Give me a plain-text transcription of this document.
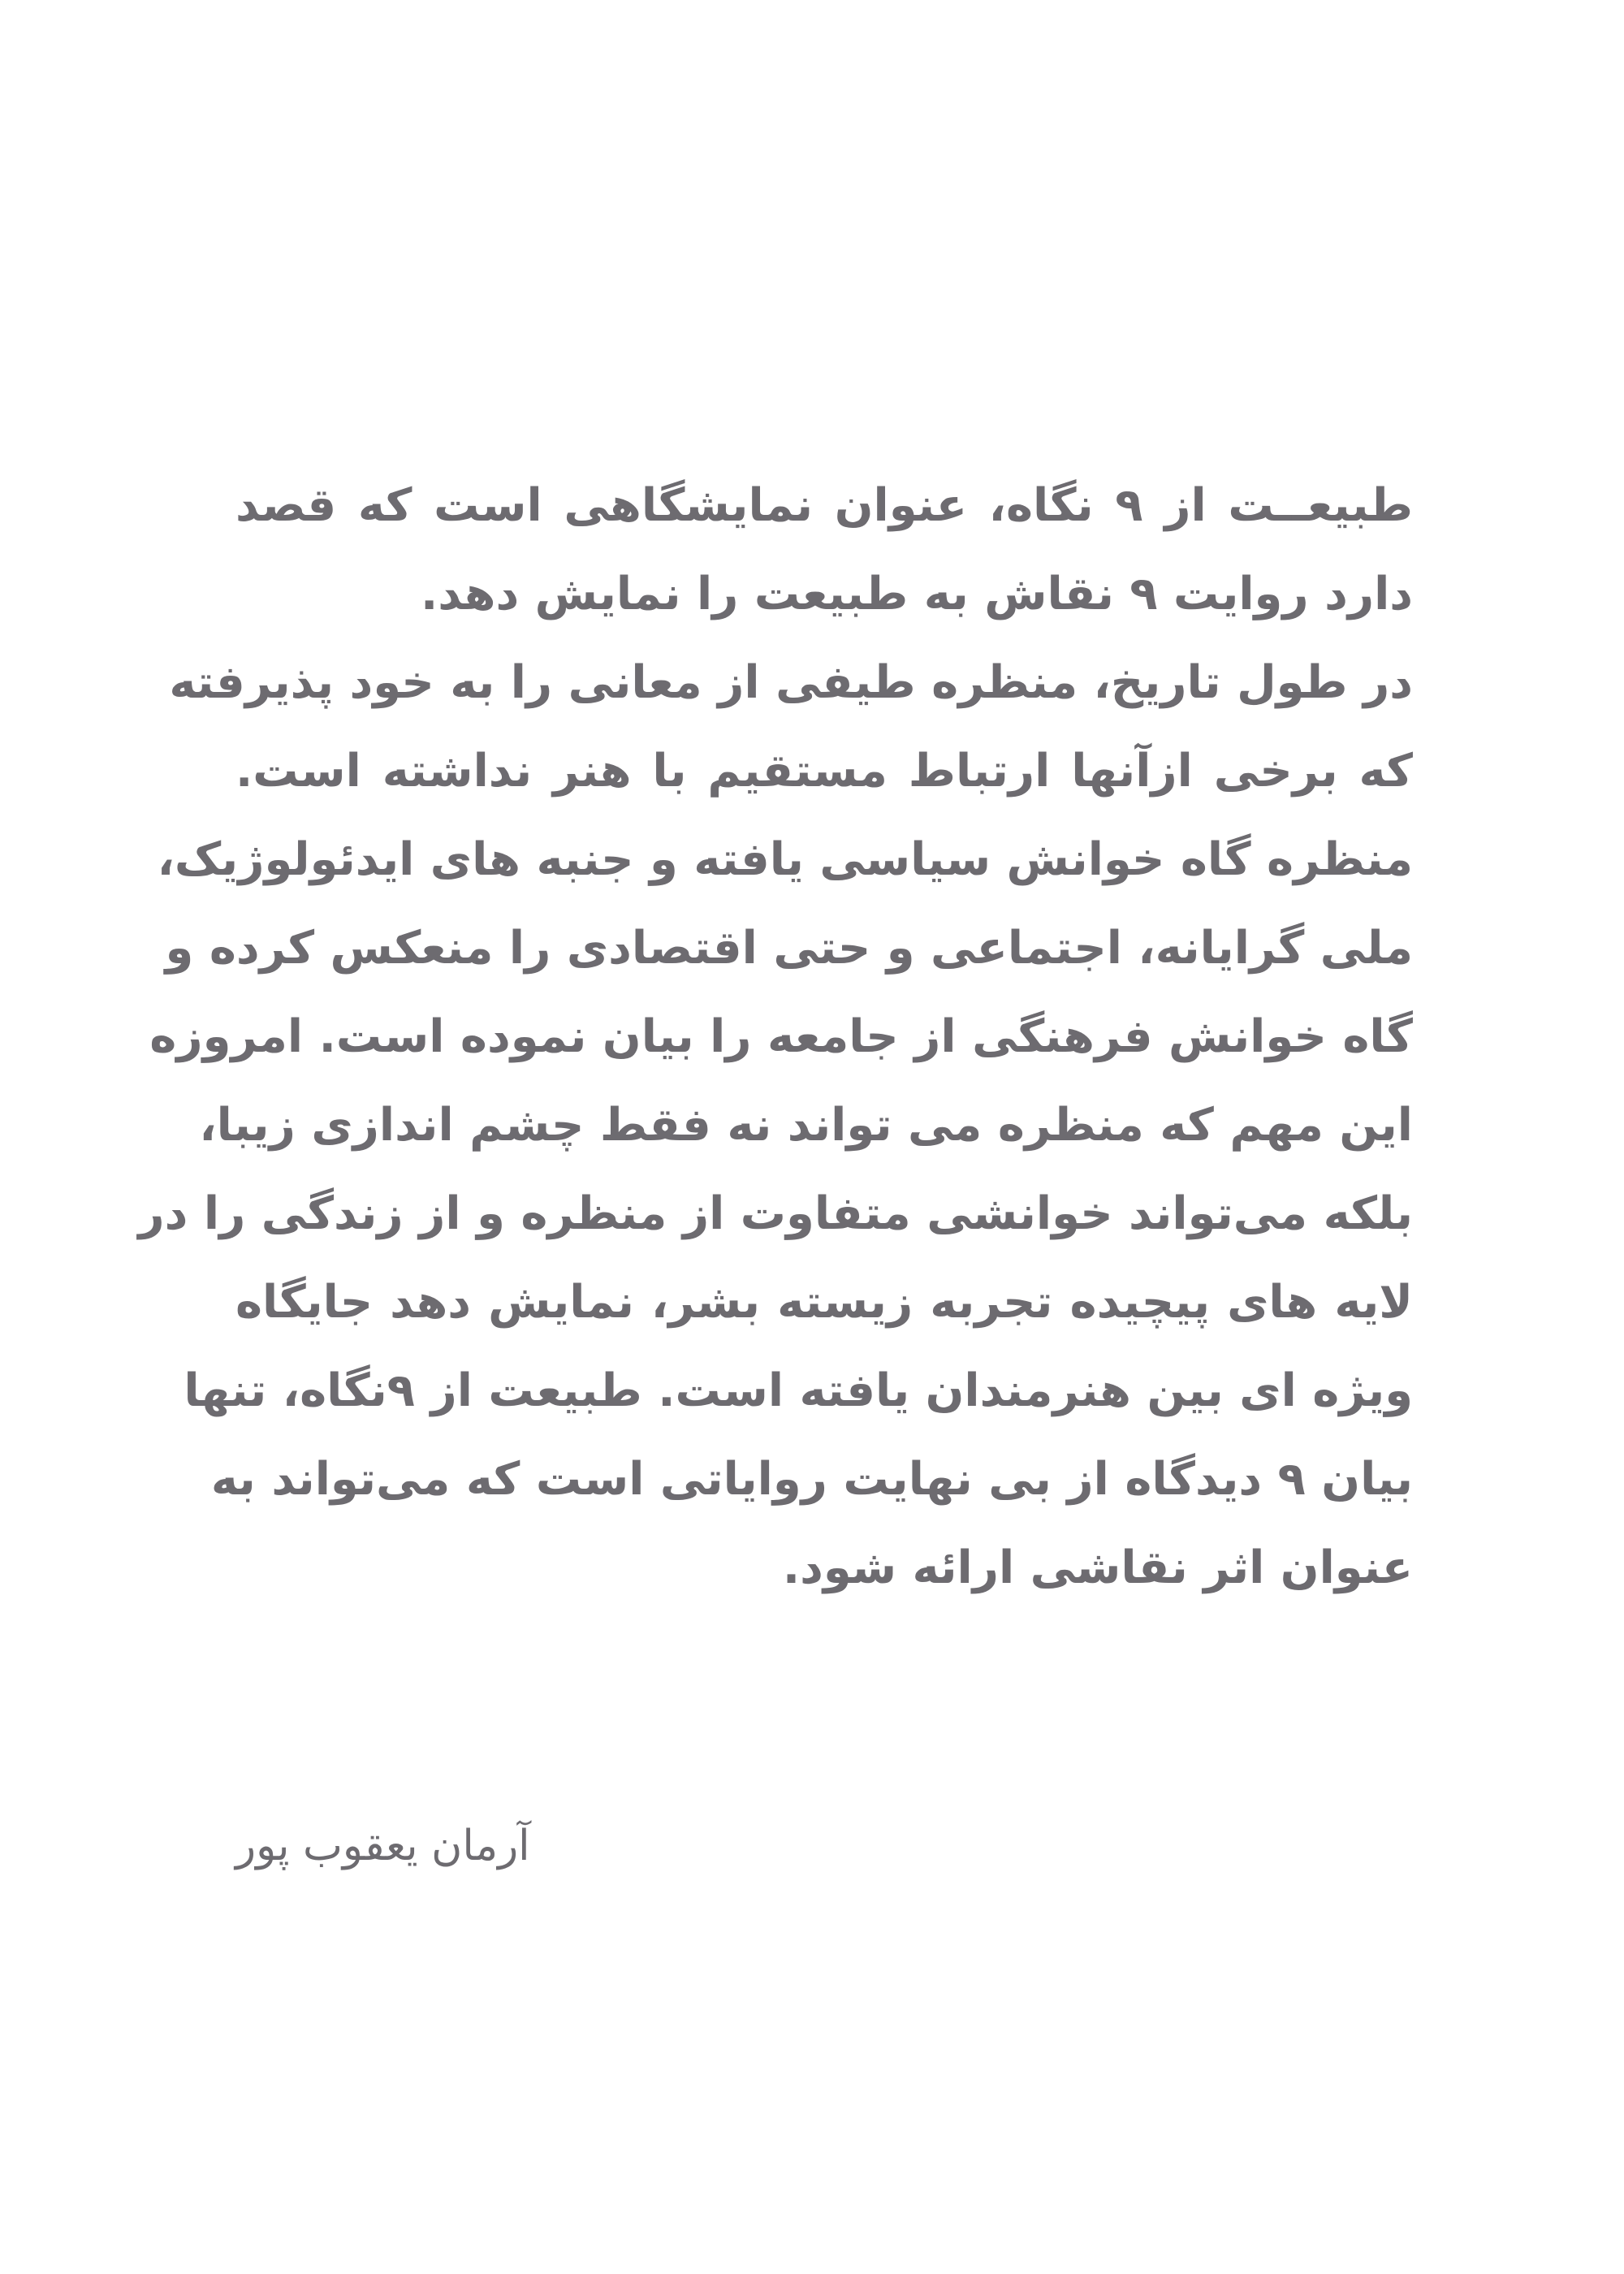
طبیعــت از ۹ نگاه، عنوان نمایشگاهی است که قصد
دارد روایت ۹ نقاش به طبیعت را نمایش دهد.
در طول تاریخ، منظره طیفی از معانی را به خود پذیرفته
که برخی ازآنها ارتباط مستقیم با هنر نداشته است.
منظره گاه خوانش سیاسی یافته و جنبه های ایدئولوژیک،
ملی گرایانه، اجتماعی و حتی اقتصادی را منعکس کرده و
گاه خوانش فرهنگی از جامعه را بیان نموده است. امروزه
این مهم که منظره می تواند نه فقط چشم اندازی زیبا،
بلکه می‌تواند خوانشی متفاوت از منظره و از زندگی را در
لایه های پیچیده تجربه زیسته بشر، نمایش دهد جایگاه
ویژه ای بین هنرمندان یافته است. طبیعت از ۹نگاه، تنها
بیان ۹ دیدگاه از بی نهایت روایاتی است که می‌تواند به
عنوان اثر نقاشی ارائه شود.
آرمان یعقوب پور
